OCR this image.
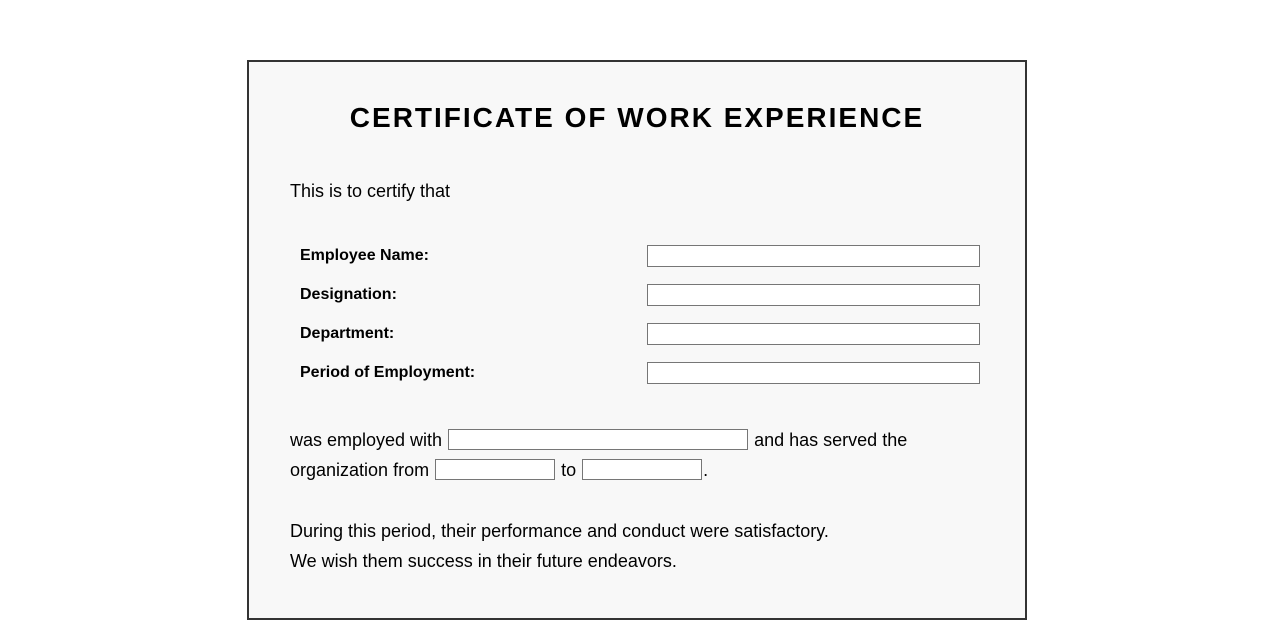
CERTIFICATE OF WORK EXPERIENCE
This is to certify that
Employee Name:
Designation:
Department:
Period of Employment:
was employed with	and has served the
organization from	to	.
During this period, their performance and conduct were satisfactory.
We wish them success in their future endeavors.
